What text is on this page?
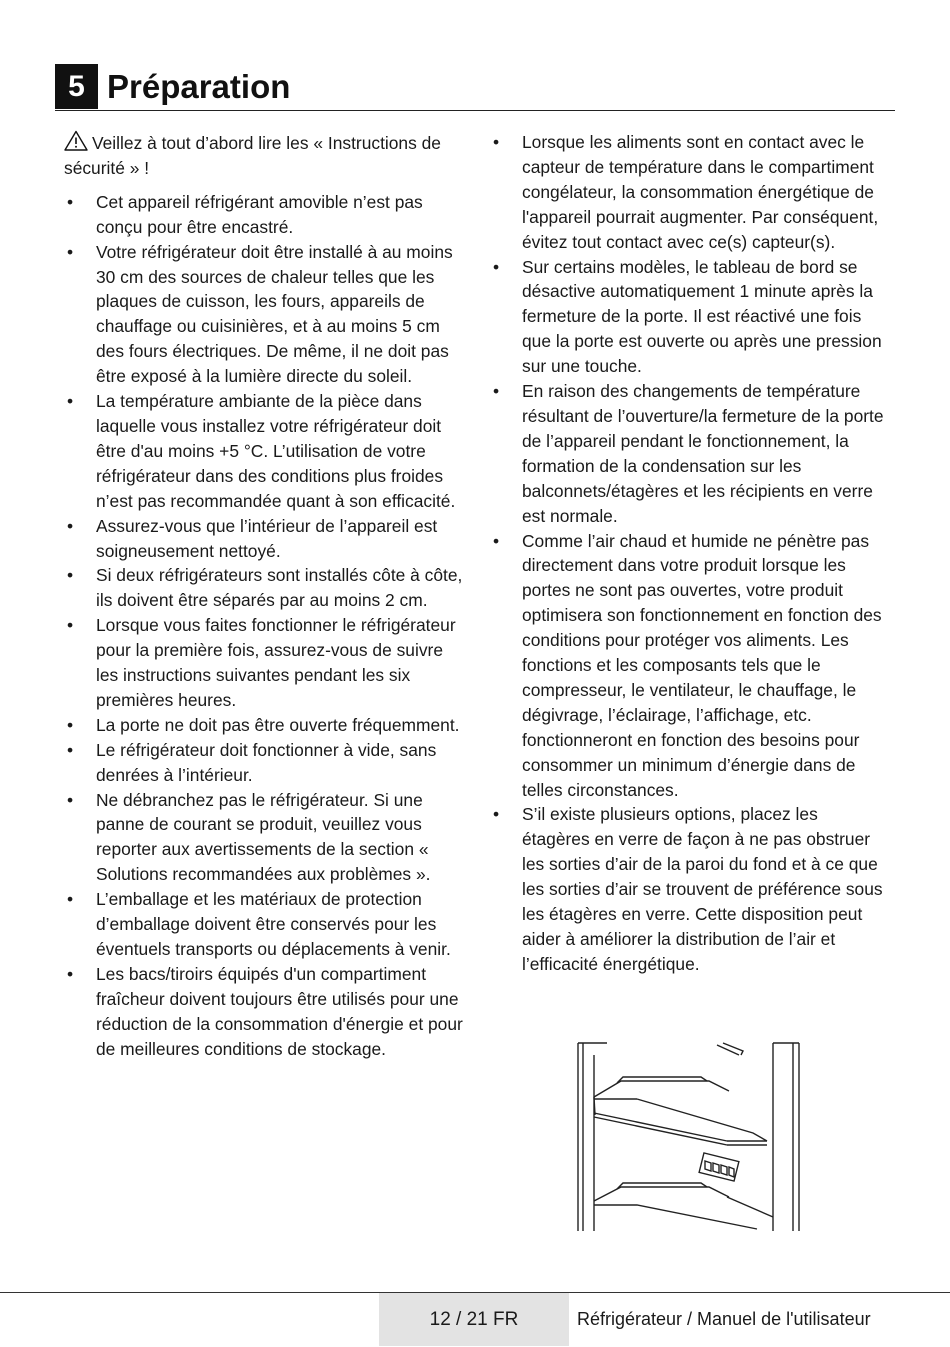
5 Préparation

Veillez à tout d’abord lire les « Instructions de sécurité » !

• Cet appareil réfrigérant amovible n’est pas conçu pour être encastré.
• Votre réfrigérateur doit être installé à au moins 30 cm des sources de chaleur telles que les plaques de cuisson, les fours, appareils de chauffage ou cuisinières, et à au moins 5 cm des fours électriques. De même, il ne doit pas être exposé à la lumière directe du soleil.
• La température ambiante de la pièce dans laquelle vous installez votre réfrigérateur doit être d'au moins +5 °C. L’utilisation de votre réfrigérateur dans des conditions plus froides n’est pas recommandée quant à son efficacité.
• Assurez-vous que l’intérieur de l’appareil est soigneusement nettoyé.
• Si deux réfrigérateurs sont installés côte à côte, ils doivent être séparés par au moins 2 cm.
• Lorsque vous faites fonctionner le réfrigérateur pour la première fois, assurez-vous de suivre les instructions suivantes pendant les six premières heures.
• La porte ne doit pas être ouverte fréquemment.
• Le réfrigérateur doit fonctionner à vide, sans denrées à l’intérieur.
• Ne débranchez pas le réfrigérateur. Si une panne de courant se produit, veuillez vous reporter aux avertissements de la section « Solutions recommandées aux problèmes ».
• L’emballage et les matériaux de protection d’emballage doivent être conservés pour les éventuels transports ou déplacements à venir.
• Les bacs/tiroirs équipés d'un compartiment fraîcheur doivent toujours être utilisés pour une réduction de la consommation d'énergie et pour de meilleures conditions de stockage.
• Lorsque les aliments sont en contact avec le capteur de température dans le compartiment congélateur, la consommation énergétique de l'appareil pourrait augmenter. Par conséquent, évitez tout contact avec ce(s) capteur(s).
• Sur certains modèles, le tableau de bord se désactive automatiquement 1 minute après la fermeture de la porte. Il est réactivé une fois que la porte est ouverte ou après une pression sur une touche.
• En raison des changements de température résultant de l’ouverture/la fermeture de la porte de l’appareil pendant le fonctionnement, la formation de la condensation sur les balconnets/étagères et les récipients en verre est normale.
• Comme l’air chaud et humide ne pénètre pas directement dans votre produit lorsque les portes ne sont pas ouvertes, votre produit optimisera son fonctionnement en fonction des conditions pour protéger vos aliments. Les fonctions et les composants tels que le compresseur, le ventilateur, le chauffage, le dégivrage, l’éclairage, l’affichage, etc. fonctionneront en fonction des besoins pour consommer un minimum d’énergie dans de telles circonstances.
• S’il existe plusieurs options, placez les étagères en verre de façon à ne pas obstruer les sorties d’air de la paroi du fond et à ce que les sorties d’air se trouvent de préférence sous les étagères en verre. Cette disposition peut aider à améliorer la distribution de l’air et l’efficacité énergétique.
12 / 21 FR	Réfrigérateur / Manuel de l'utilisateur
